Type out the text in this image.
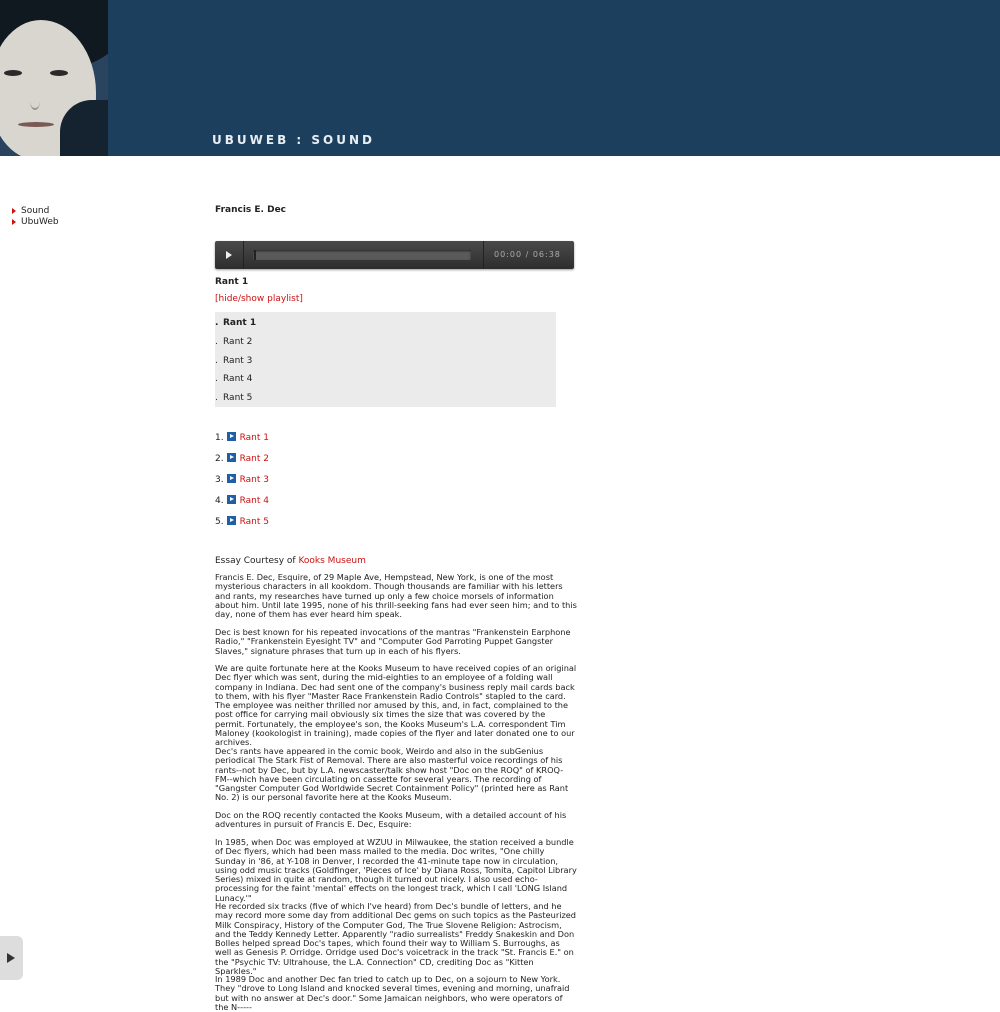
UBUWEB : SOUND
Sound
UbuWeb
Francis E. Dec
00:00 / 06:38
Rant 1
[hide/show playlist]
. Rant 1
. Rant 2
. Rant 3
. Rant 4
. Rant 5
1. Rant 1
2. Rant 2
3. Rant 3
4. Rant 4
5. Rant 5
Essay Courtesy of Kooks Museum

Francis E. Dec, Esquire, of 29 Maple Ave, Hempstead, New York, is one of the most mysterious characters in all kookdom. Though thousands are familiar with his letters and rants, my researches have turned up only a few choice morsels of information about him. Until late 1995, none of his thrill-seeking fans had ever seen him; and to this day, none of them has ever heard him speak.

Dec is best known for his repeated invocations of the mantras "Frankenstein Earphone Radio," "Frankenstein Eyesight TV" and "Computer God Parroting Puppet Gangster Slaves," signature phrases that turn up in each of his flyers.

We are quite fortunate here at the Kooks Museum to have received copies of an original Dec flyer which was sent, during the mid-eighties to an employee of a folding wall company in Indiana. Dec had sent one of the company's business reply mail cards back to them, with his flyer "Master Race Frankenstein Radio Controls" stapled to the card. The employee was neither thrilled nor amused by this, and, in fact, complained to the post office for carrying mail obviously six times the size that was covered by the permit. Fortunately, the employee's son, the Kooks Museum's L.A. correspondent Tim Maloney (kookologist in training), made copies of the flyer and later donated one to our archives.

Dec's rants have appeared in the comic book, Weirdo and also in the subGenius periodical The Stark Fist of Removal. There are also masterful voice recordings of his rants--not by Dec, but by L.A. newscaster/talk show host "Doc on the ROQ" of KROQ-FM--which have been circulating on cassette for several years. The recording of "Gangster Computer God Worldwide Secret Containment Policy" (printed here as Rant No. 2) is our personal favorite here at the Kooks Museum.

Doc on the ROQ recently contacted the Kooks Museum, with a detailed account of his adventures in pursuit of Francis E. Dec, Esquire:

In 1985, when Doc was employed at WZUU in Milwaukee, the station received a bundle of Dec flyers, which had been mass mailed to the media. Doc writes, "One chilly Sunday in '86, at Y-108 in Denver, I recorded the 41-minute tape now in circulation, using odd music tracks (Goldfinger, 'Pieces of Ice' by Diana Ross, Tomita, Capitol Library Series) mixed in quite at random, though it turned out nicely. I also used echo-processing for the faint 'mental' effects on the longest track, which I call 'LONG Island Lunacy.'"

He recorded six tracks (five of which I've heard) from Dec's bundle of letters, and he may record more some day from additional Dec gems on such topics as the Pasteurized Milk Conspiracy, History of the Computer God, The True Slovene Religion: Astrocism, and the Teddy Kennedy Letter. Apparently "radio surrealists" Freddy Snakeskin and Don Bolles helped spread Doc's tapes, which found their way to William S. Burroughs, as well as Genesis P. Orridge. Orridge used Doc's voicetrack in the track "St. Francis E." on the "Psychic TV: Ultrahouse, the L.A. Connection" CD, crediting Doc as "Kitten Sparkles."

In 1989 Doc and another Dec fan tried to catch up to Dec, on a sojourn to New York. They "drove to Long Island and knocked several times, evening and morning, unafraid but with no answer at Dec's door." Some Jamaican neighbors, who were operators of the N-----
